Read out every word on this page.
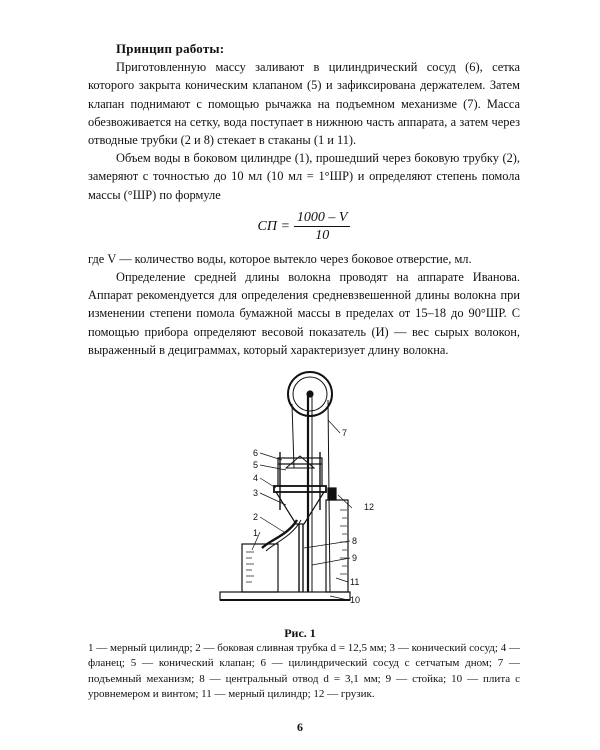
Принцип работы:

Приготовленную массу заливают в цилиндрический сосуд (6), сетка которого закрыта коническим клапаном (5) и зафиксирована держателем. Затем клапан поднимают с помощью рычажка на подъемном механизме (7). Масса обезвоживается на сетку, вода поступает в нижнюю часть аппарата, а затем через отводные трубки (2 и 8) стекает в стаканы (1 и 11).

Объем воды в боковом цилиндре (1), прошедший через боковую трубку (2), замеряют с точностью до 10 мл (10 мл = 1°ШР) и определяют степень помола массы (°ШР) по формуле

СП = $\frac{1000 - V}{10}$

где V — количество воды, которое вытекло через боковое отверстие, мл.

Определение средней длины волокна проводят на аппарате Иванова. Аппарат рекомендуется для определения средневзвешенной длины волокна при изменении степени помола бумажной массы в пределах от 15–18 до 90°ШР. С помощью прибора определяют весовой показатель (И) — вес сырых волокон, выраженный в дециграммах, который характеризует длину волокна.

6
5
4
3
2
1
7
12
8
9
11
10
Рис. 1
1 — мерный цилиндр; 2 — боковая сливная трубка d = 12,5 мм; 3 — конический сосуд; 4 — фланец; 5 — конический клапан; 6 — цилиндрический сосуд с сетчатым дном; 7 — подъемный механизм; 8 — центральный отвод d = 3,1 мм; 9 — стойка; 10 — плита с уровнемером и винтом; 11 — мерный цилиндр; 12 — грузик.
6
